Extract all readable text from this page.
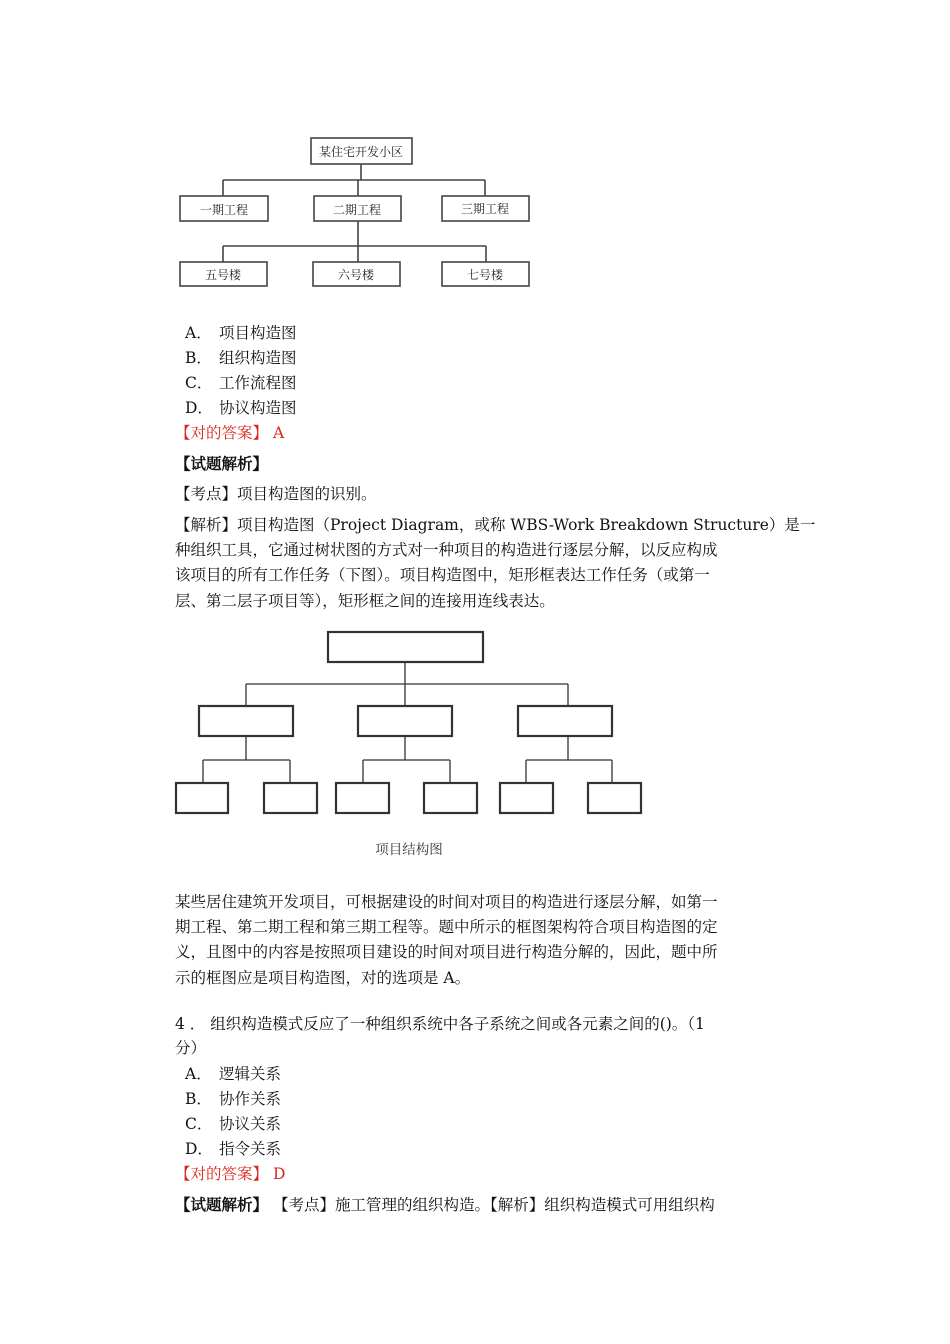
某住宅开发小区
一期工程	二期工程	三期工程
五号楼	六号楼	七号楼
A． 项目构造图
B． 组织构造图
C． 工作流程图
D． 协议构造图
【对的答案】 A
【试题解析】
【考点】项目构造图的识别。

【解析】项目构造图（Project Diagram，或称 WBS-Work Breakdown Structure）是一

种组织工具，它通过树状图的方式对一种项目的构造进行逐层分解，以反应构成

该项目的所有工作任务（下图）。项目构造图中，矩形框表达工作任务（或第一

层、第二层子项目等），矩形框之间的连接用连线表达。

项目结构图

某些居住建筑开发项目，可根据建设的时间对项目的构造进行逐层分解，如第一

期工程、第二期工程和第三期工程等。题中所示的框图架构符合项目构造图的定

义，且图中的内容是按照项目建设的时间对项目进行构造分解的，因此，题中所

示的框图应是项目构造图，对的选项是 A。

4 ． 组织构造模式反应了一种组织系统中各子系统之间或各元素之间的()。（1
分）
A． 逻辑关系
B． 协作关系
C． 协议关系
D． 指令关系
【对的答案】 D
【试题解析】 【考点】施工管理的组织构造。【解析】组织构造模式可用组织构
